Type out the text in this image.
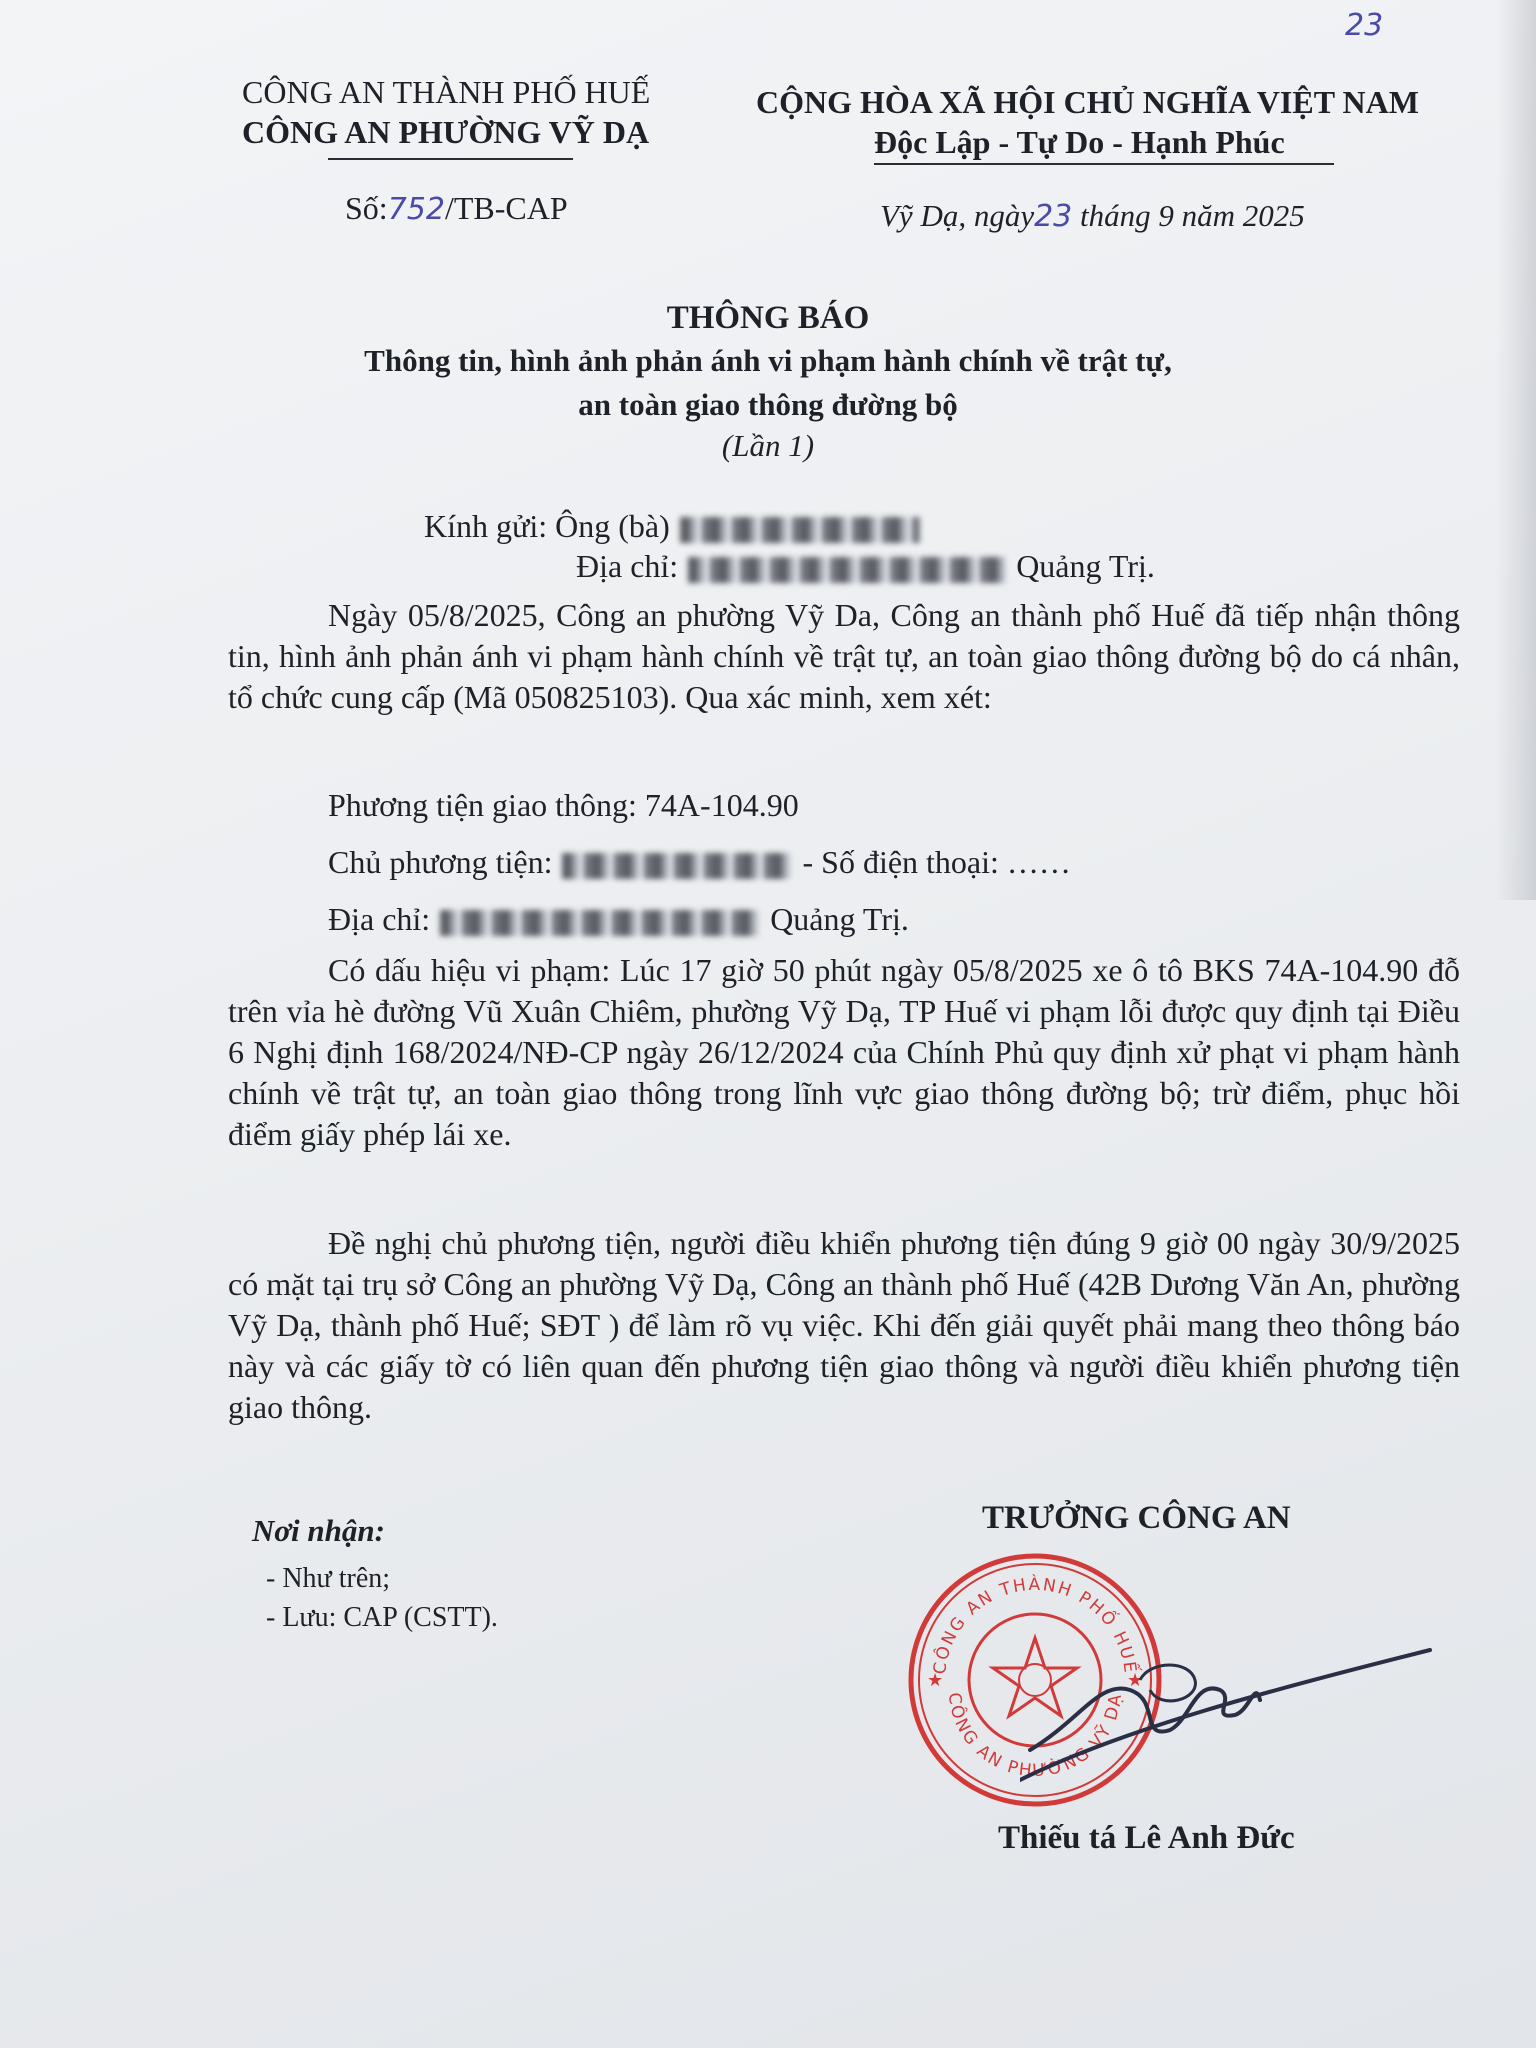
23
CÔNG AN THÀNH PHỐ HUẾ
CÔNG AN PHƯỜNG VỸ DẠ
CỘNG HÒA XÃ HỘI CHỦ NGHĨA VIỆT NAM
Độc Lập - Tự Do - Hạnh Phúc
Số:752/TB-CAP	Vỹ Dạ, ngày23 tháng 9 năm 2025
THÔNG BÁO
Thông tin, hình ảnh phản ánh vi phạm hành chính về trật tự,
an toàn giao thông đường bộ
(Lần 1)
Kính gửi: Ông (bà)
Địa chỉ:	Quảng Trị.
Ngày 05/8/2025, Công an phường Vỹ Da, Công an thành phố Huế đã tiếp nhận thông tin, hình ảnh phản ánh vi phạm hành chính về trật tự, an toàn giao thông đường bộ do cá nhân, tổ chức cung cấp (Mã 050825103). Qua xác minh, xem xét:
Phương tiện giao thông: 74A-104.90
Chủ phương tiện:	- Số điện thoại: ……
Địa chỉ:	Quảng Trị.
Có dấu hiệu vi phạm: Lúc 17 giờ 50 phút ngày 05/8/2025 xe ô tô BKS 74A-104.90 đỗ trên vỉa hè đường Vũ Xuân Chiêm, phường Vỹ Dạ, TP Huế vi phạm lỗi được quy định tại Điều 6 Nghị định 168/2024/NĐ-CP ngày 26/12/2024 của Chính Phủ quy định xử phạt vi phạm hành chính về trật tự, an toàn giao thông trong lĩnh vực giao thông đường bộ; trừ điểm, phục hồi điểm giấy phép lái xe.
Đề nghị chủ phương tiện, người điều khiển phương tiện đúng 9 giờ 00 ngày 30/9/2025 có mặt tại trụ sở Công an phường Vỹ Dạ, Công an thành phố Huế (42B Dương Văn An, phường Vỹ Dạ, thành phố Huế; SĐT ) để làm rõ vụ việc. Khi đến giải quyết phải mang theo thông báo này và các giấy tờ có liên quan đến phương tiện giao thông và người điều khiển phương tiện giao thông.
Nơi nhận:
- Như trên;
- Lưu: CAP (CSTT).
TRƯỞNG CÔNG AN
CÔNG AN THÀNH PHỐ HUẾ
CÔNG AN PHƯỜNG VỸ DẠ
★	★
Thiếu tá Lê Anh Đức
